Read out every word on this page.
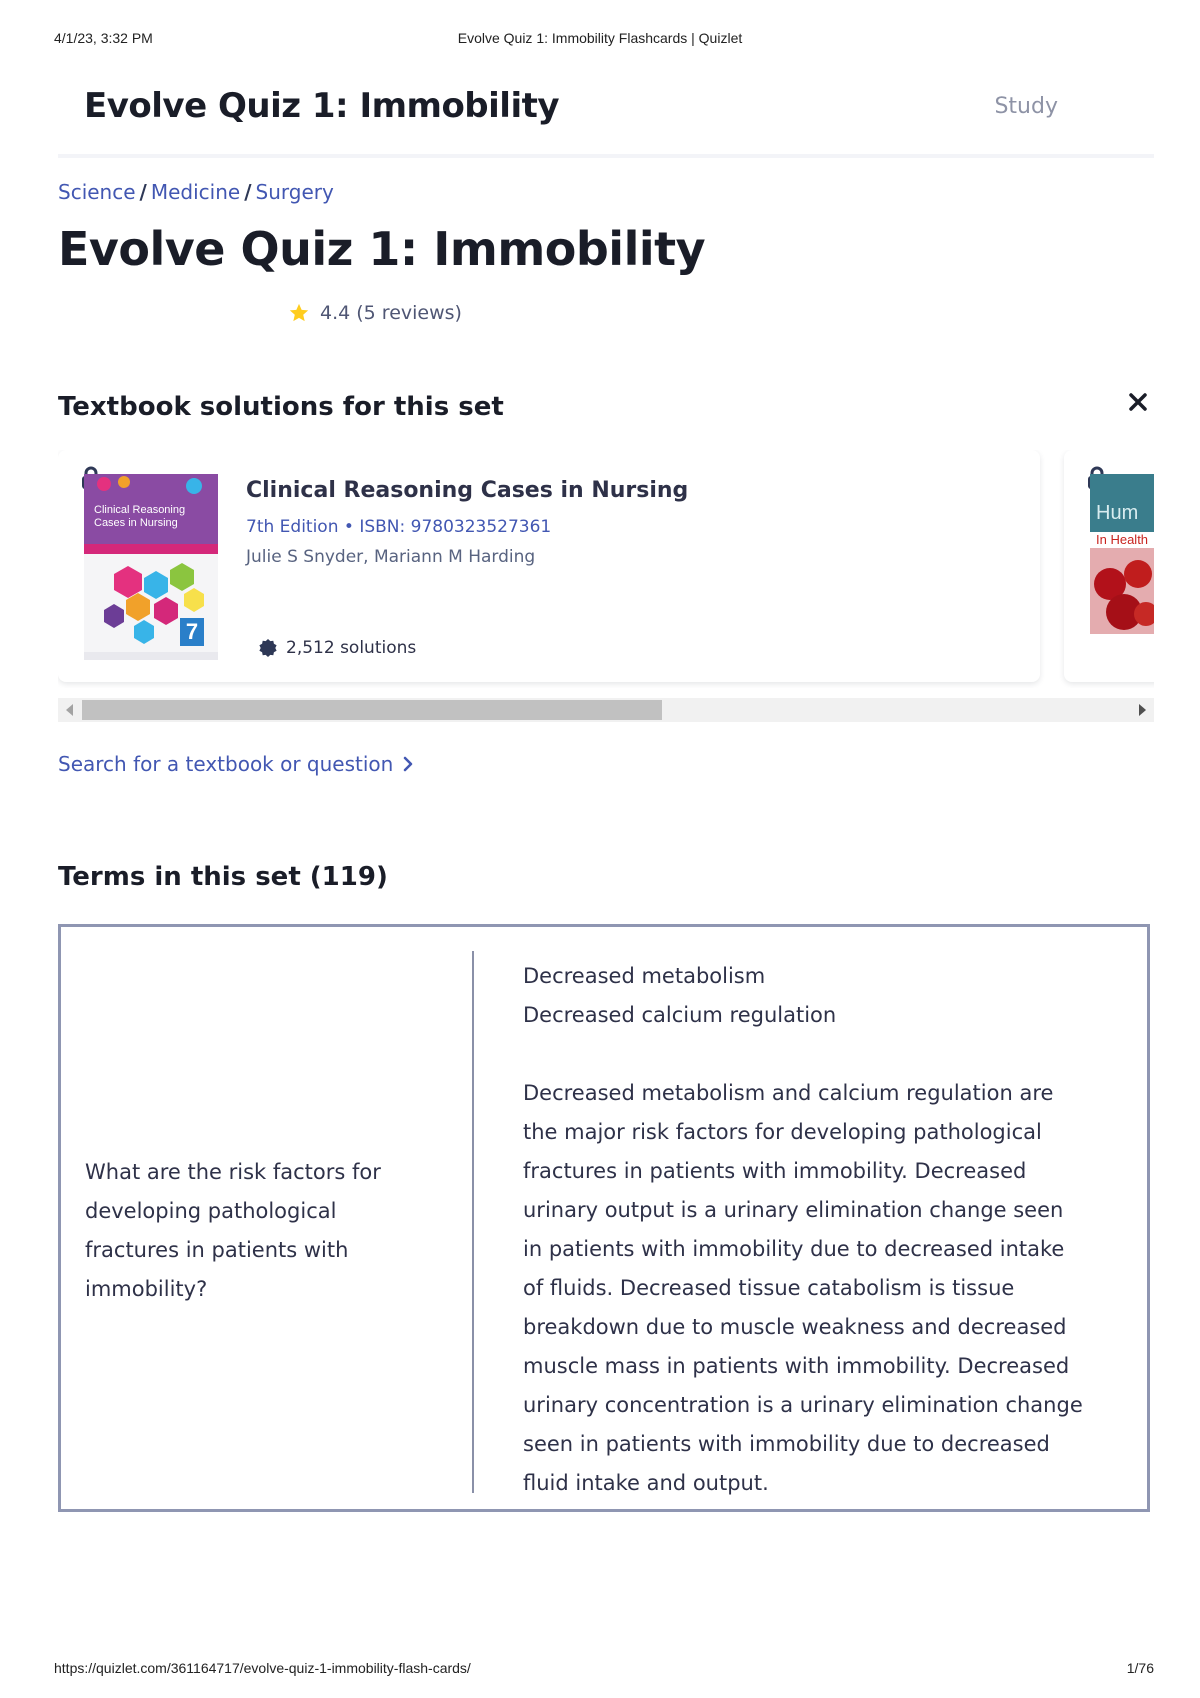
4/1/23, 3:32 PM	Evolve Quiz 1: Immobility Flashcards | Quizlet
Evolve Quiz 1: Immobility	Study
Science / Medicine / Surgery
Evolve Quiz 1: Immobility
4.4 (5 reviews)
Textbook solutions for this set
Clinical Reasoning Cases in Nursing
7
Clinical Reasoning Cases in Nursing
7th Edition • ISBN: 9780323527361
Julie S Snyder, Mariann M Harding
2,512 solutions
Hum
In Health
Search for a textbook or question
Terms in this set (119)
What are the risk factors for developing pathological fractures in patients with immobility?

Decreased metabolism

Decreased calcium regulation

Decreased metabolism and calcium regulation are the major risk factors for developing pathological fractures in patients with immobility. Decreased urinary output is a urinary elimination change seen in patients with immobility due to decreased intake of fluids. Decreased tissue catabolism is tissue breakdown due to muscle weakness and decreased muscle mass in patients with immobility. Decreased urinary concentration is a urinary elimination change seen in patients with immobility due to decreased fluid intake and output.

https://quizlet.com/361164717/evolve-quiz-1-immobility-flash-cards/	1/76
